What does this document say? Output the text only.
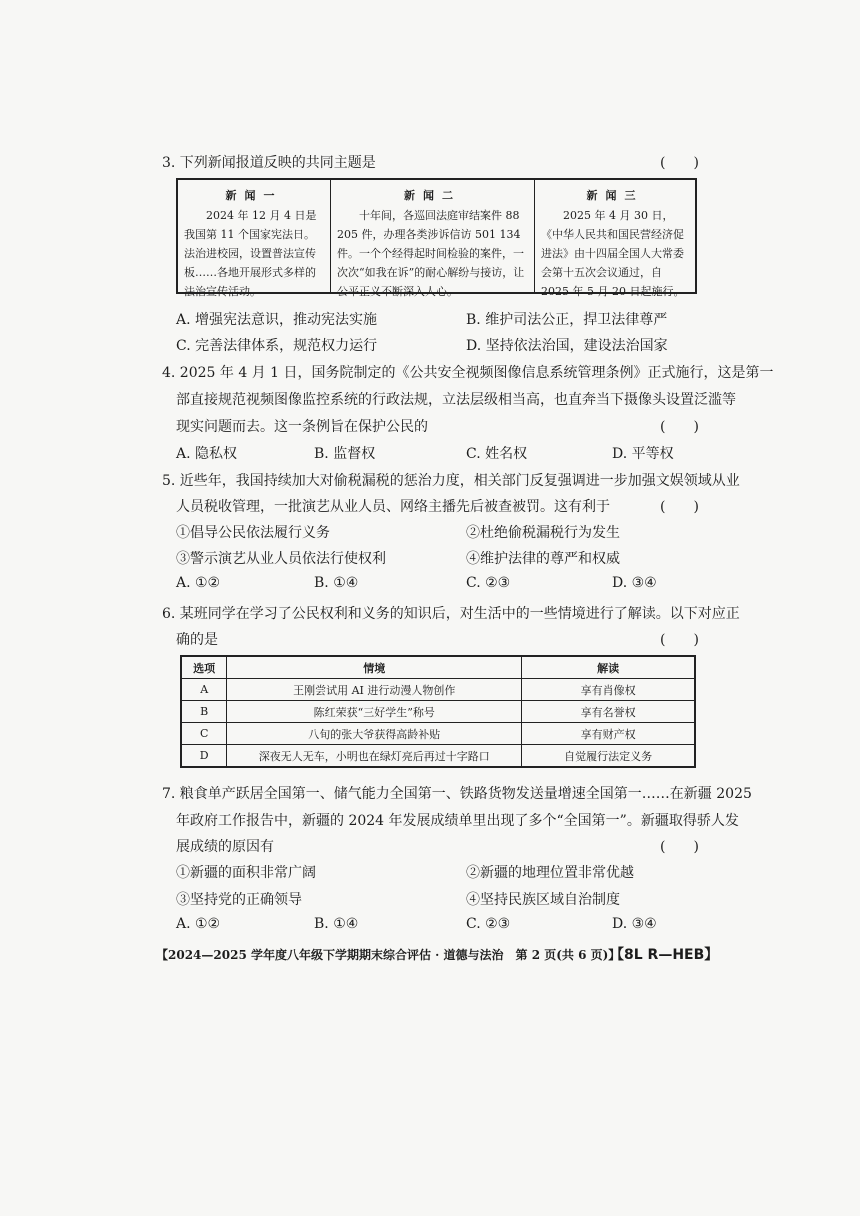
3. 下列新闻报道反映的共同主题是	(　　)
新闻一
2024 年 12 月 4 日是我国第 11 个国家宪法日。法治进校园，设置普法宣传板……各地开展形式多样的法治宣传活动。
新闻二
十年间，各巡回法庭审结案件 88 205 件，办理各类涉诉信访 501 134 件。一个个经得起时间检验的案件，一次次“如我在诉”的耐心解纷与接访，让公平正义不断深入人心。
新闻三
2025 年 4 月 30 日，《中华人民共和国民营经济促进法》由十四届全国人大常委会第十五次会议通过，自 2025 年 5 月 20 日起施行。
A. 增强宪法意识，推动宪法实施	B. 维护司法公正，捍卫法律尊严
C. 完善法律体系，规范权力运行	D. 坚持依法治国，建设法治国家
4. 2025 年 4 月 1 日，国务院制定的《公共安全视频图像信息系统管理条例》正式施行，这是第一
部直接规范视频图像监控系统的行政法规，立法层级相当高，也直奔当下摄像头设置泛滥等
现实问题而去。这一条例旨在保护公民的	(　　)
A. 隐私权	B. 监督权	C. 姓名权	D. 平等权
5. 近些年，我国持续加大对偷税漏税的惩治力度，相关部门反复强调进一步加强文娱领域从业
人员税收管理，一批演艺从业人员、网络主播先后被查被罚。这有利于	(　　)
①倡导公民依法履行义务	②杜绝偷税漏税行为发生
③警示演艺从业人员依法行使权利	④维护法律的尊严和权威
A. ①②	B. ①④	C. ②③	D. ③④
6. 某班同学在学习了公民权利和义务的知识后，对生活中的一些情境进行了解读。以下对应正
确的是	(　　)
选项	情境	解读
A	王刚尝试用 AI 进行动漫人物创作	享有肖像权
B	陈红荣获“三好学生”称号	享有名誉权
C	八旬的张大爷获得高龄补贴	享有财产权
D	深夜无人无车，小明也在绿灯亮后再过十字路口	自觉履行法定义务
7. 粮食单产跃居全国第一、储气能力全国第一、铁路货物发送量增速全国第一……在新疆 2025
年政府工作报告中，新疆的 2024 年发展成绩单里出现了多个“全国第一”。新疆取得骄人发
展成绩的原因有	(　　)
①新疆的面积非常广阔	②新疆的地理位置非常优越
③坚持党的正确领导	④坚持民族区域自治制度
A. ①②	B. ①④	C. ②③	D. ③④
【2024—2025 学年度八年级下学期期末综合评估 · 道德与法治　第 2 页(共 6 页)】
【8L R—HEB】
